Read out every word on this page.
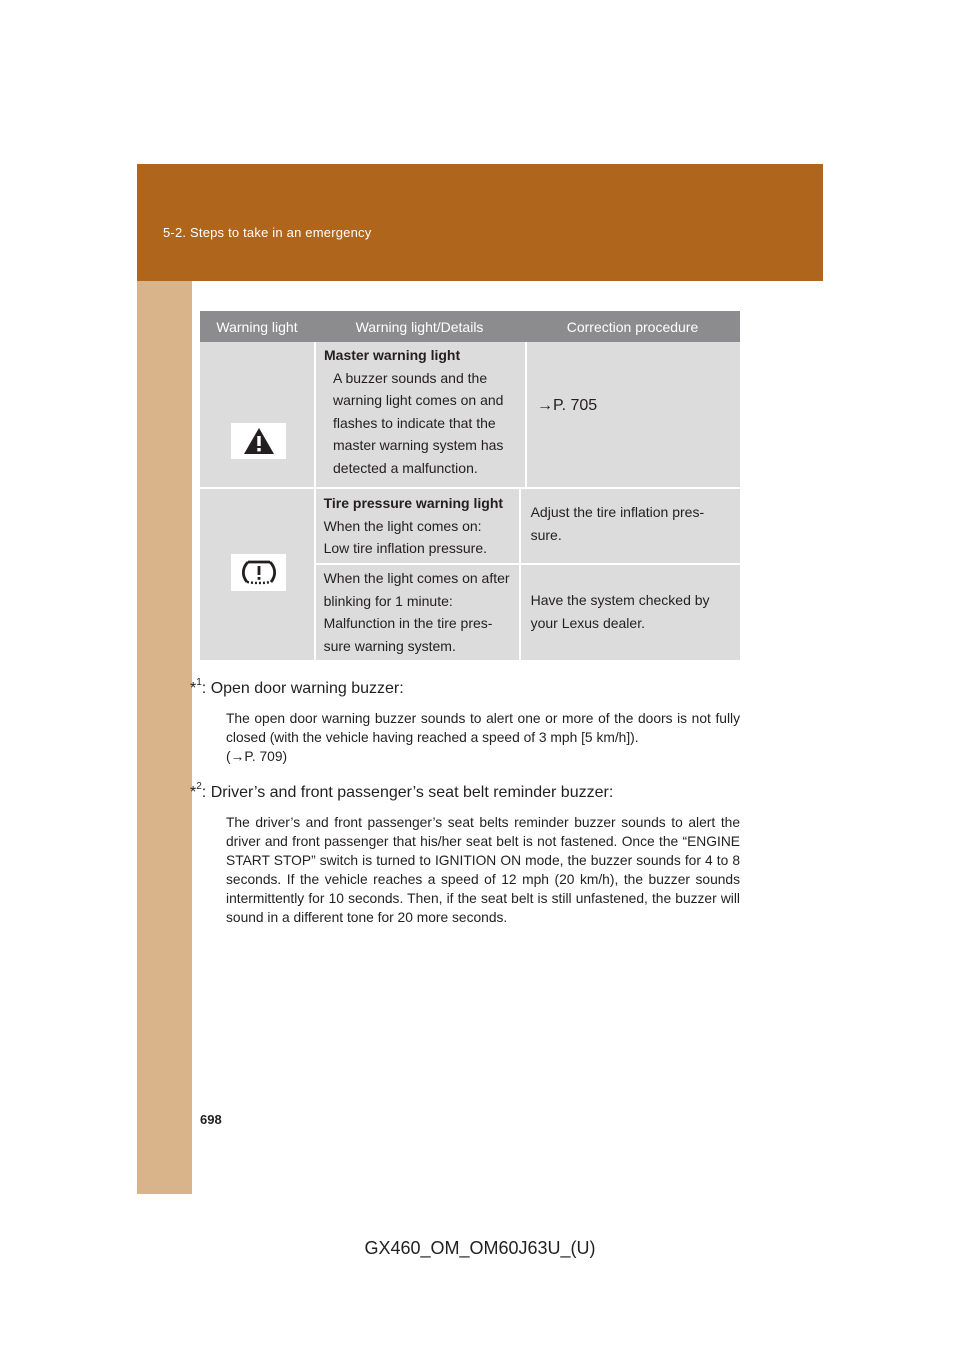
5-2. Steps to take in an emergency
Warning light	Warning light/Details	Correction procedure
Master warning light
A buzzer sounds and the
warning light comes on and
flashes to indicate that the
master warning system has
detected a malfunction.
→P. 705
Tire pressure warning light
When the light comes on:
Low tire inflation pressure.
Adjust the tire inflation pres-
sure.
When the light comes on after
blinking for 1 minute:
Malfunction in the tire pres-
sure warning system.
Have the system checked by
your Lexus dealer.
*$^1$: Open door warning buzzer:
The open door warning buzzer sounds to alert one or more of the doors is not fully closed (with the vehicle having reached a speed of 3 mph [5 km/h]).
(→P. 709)
*$^2$: Driver’s and front passenger’s seat belt reminder buzzer:
The driver’s and front passenger’s seat belts reminder buzzer sounds to alert the driver and front passenger that his/her seat belt is not fastened. Once the “ENGINE START STOP” switch is turned to IGNITION ON mode, the buzzer sounds for 4 to 8 seconds. If the vehicle reaches a speed of 12 mph (20 km/h), the buzzer sounds intermittently for 10 seconds. Then, if the seat belt is still unfastened, the buzzer will sound in a different tone for 20 more seconds.
698
GX460_OM_OM60J63U_(U)
